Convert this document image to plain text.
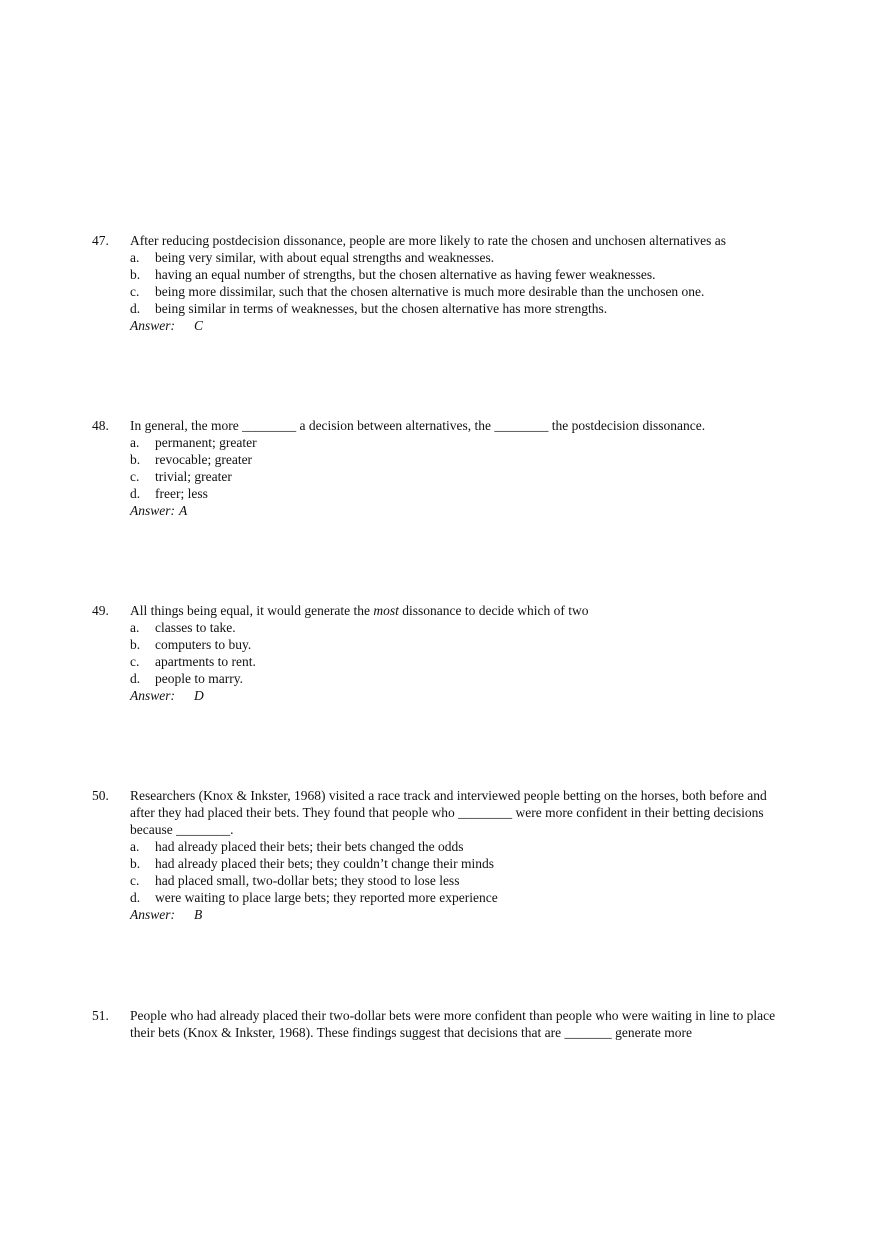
47. After reducing postdecision dissonance, people are more likely to rate the chosen and unchosen alternatives as
a. being very similar, with about equal strengths and weaknesses.
b. having an equal number of strengths, but the chosen alternative as having fewer weaknesses.
c. being more dissimilar, such that the chosen alternative is much more desirable than the unchosen one.
d. being similar in terms of weaknesses, but the chosen alternative has more strengths.
Answer: C
48. In general, the more ________ a decision between alternatives, the ________ the postdecision dissonance.
a. permanent; greater
b. revocable; greater
c. trivial; greater
d. freer; less
Answer: A
49. All things being equal, it would generate the most dissonance to decide which of two
a. classes to take.
b. computers to buy.
c. apartments to rent.
d. people to marry.
Answer: D
50. Researchers (Knox & Inkster, 1968) visited a race track and interviewed people betting on the horses, both before and after they had placed their bets. They found that people who ________ were more confident in their betting decisions because ________.
a. had already placed their bets; their bets changed the odds
b. had already placed their bets; they couldn’t change their minds
c. had placed small, two-dollar bets; they stood to lose less
d. were waiting to place large bets; they reported more experience
Answer: B
51. People who had already placed their two-dollar bets were more confident than people who were waiting in line to place their bets (Knox & Inkster, 1968). These findings suggest that decisions that are _______ generate more
